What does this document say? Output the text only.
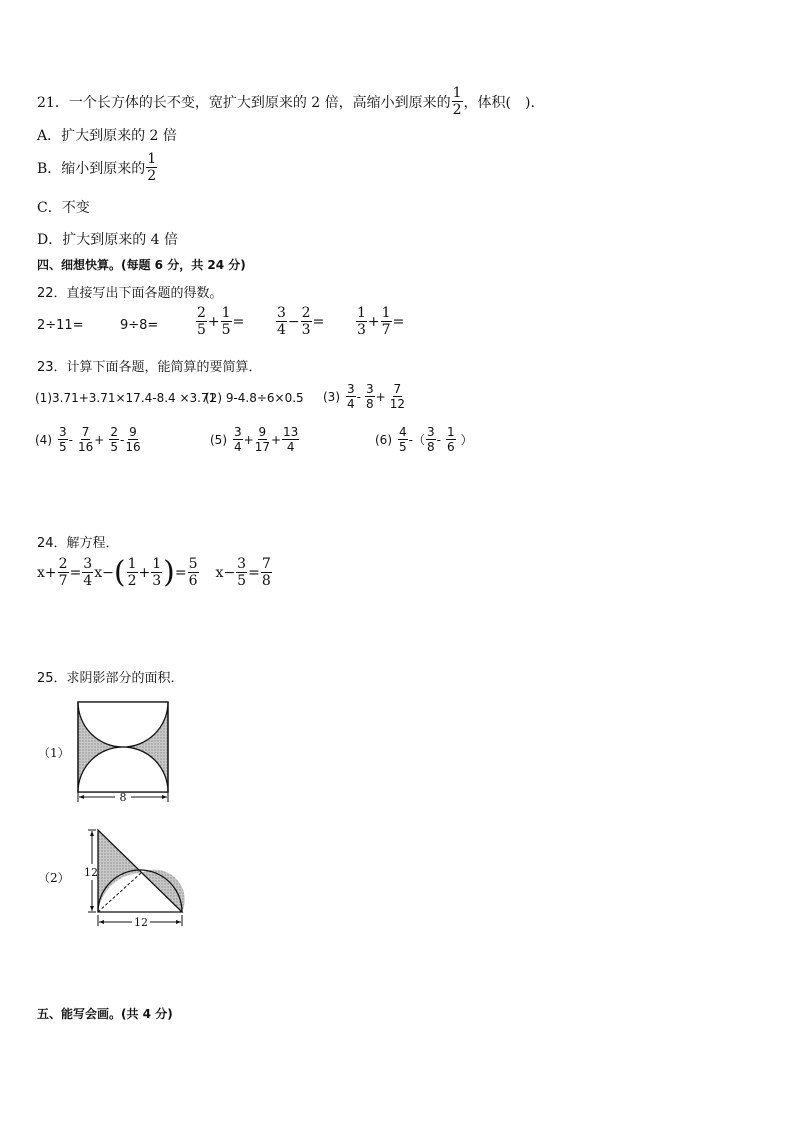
21．一个长方体的长不变，宽扩大到原来的 2 倍，高缩小到原来的 $\frac{1}{2}$ ，体积(　).
A．扩大到原来的 2 倍
B．缩小到原来的 $\frac{1}{2}$
C．不变
D．扩大到原来的 4 倍
四、细想快算。(每题 6 分，共 24 分)
22．直接写出下面各题的得数。
2÷11=	9÷8=	$\frac{2}{5} + \frac{1}{5} = \frac{3}{4} - \frac{2}{3} = \frac{1}{3} + \frac{1}{7}$ =
23．计算下面各题，能简算的要简算．
(1)3.71+3.71×17.4-8.4 ×3.71
(2) 9-4.8÷6×0.5 $(3) \frac{3}{4} - \frac{3}{8} + \frac{7}{12}$
$(4) \frac{3}{5} - \frac{7}{16} + \frac{2}{5} - \frac{9}{16}$	$(5) \frac{3}{4} + \frac{9}{17} + \frac{13}{4}$	$(6) \frac{4}{5}$ -（ $\frac{3}{8} - \frac{1}{6}$ ）
24．解方程．
$x + \frac{2}{7} = \frac{3}{4}$ x − ( $\frac{1}{2} + \frac{1}{3}$ ) = $\frac{5}{6}$ $x - \frac{3}{5} = \frac{7}{8}$
25．求阴影部分的面积．
（1）
8
（2） 12
12
五、能写会画。(共 4 分)
